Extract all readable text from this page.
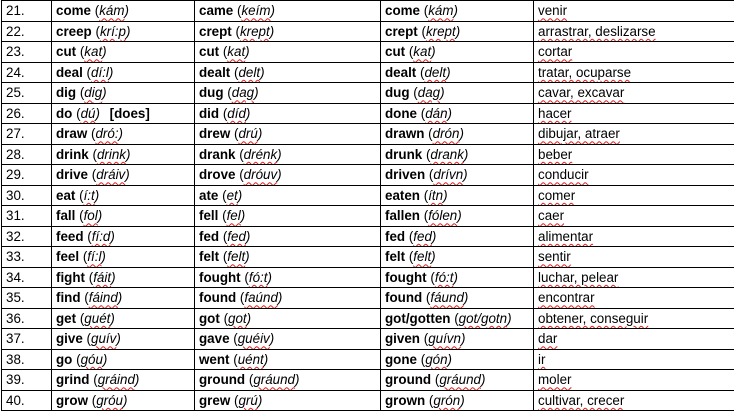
21.	come (kám)	came (keím)	come (kám)	venir
22.	creep (krí:p)	crept (krept)	crept (krept)	arrastrar, deslizarse
23.	cut (kat)	cut (kat)	cut (kat)	cortar
24.	deal (dí:l)	dealt (delt)	dealt (delt)	tratar, ocuparse
25.	dig (dig)	dug (dag)	dug (dag)	cavar, excavar
26.	do (dú) [does]	did (díd)	done (dán)	hacer
27.	draw (dró:)	drew (drú)	drawn (drón)	dibujar, atraer
28.	drink (drink)	drank (drénk)	drunk (drank)	beber
29.	drive (dráiv)	drove (dróuv)	driven (drívn)	conducir
30.	eat (í:t)	ate (et)	eaten (ítn)	comer
31.	fall (fol)	fell (fel)	fallen (fólen)	caer
32.	feed (fí:d)	fed (fed)	fed (fed)	alimentar
33.	feel (fí:l)	felt (felt)	felt (felt)	sentir
34.	fight (fáit)	fought (fó:t)	fought (fó:t)	luchar, pelear
35.	find (fáind)	found (faúnd)	found (fáund)	encontrar
36.	get (guét)	got (got)	got/gotten (got/gotn)	obtener, conseguir
37.	give (guív)	gave (guéiv)	given (guívn)	dar
38.	go (góu)	went (uént)	gone (gón)	ir
39.	grind (gráind)	ground (gráund)	ground (gráund)	moler
40.	grow (gróu)	grew (grú)	grown (grón)	cultivar, crecer
